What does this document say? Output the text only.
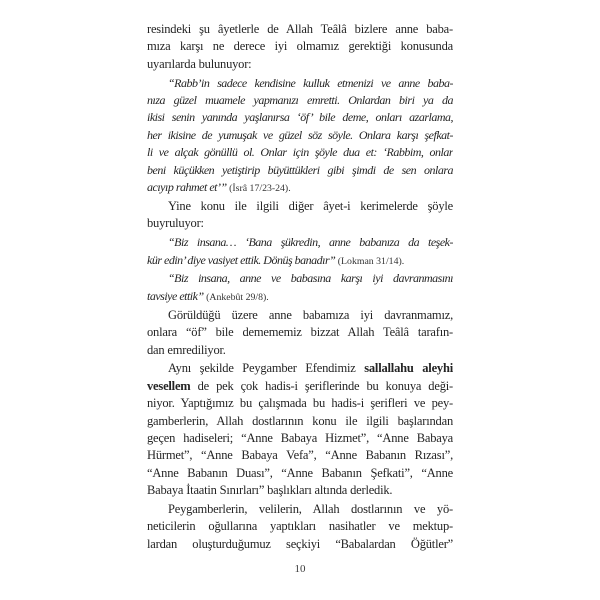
resindeki şu âyetlerle de Allah Teâlâ bizlere anne baba-
mıza karşı ne derece iyi olmamız gerektiği konusunda
uyarılarda bulunuyor:
“Rabb’in sadece kendisine kulluk etmenizi ve anne baba-
nıza güzel muamele yapmanızı emretti. Onlardan biri ya da
ikisi senin yanında yaşlanırsa ‘öf’ bile deme, onları azarlama,
her ikisine de yumuşak ve güzel söz söyle. Onlara karşı şefkat-
li ve alçak gönüllü ol. Onlar için şöyle dua et: ‘Rabbim, onlar
beni küçükken yetiştirip büyüttükleri gibi şimdi de sen onlara
acıyıp rahmet et’” (İsrâ 17/23-24).
Yine konu ile ilgili diğer âyet-i kerimelerde şöyle
buyruluyor:
“Biz insana… ‘Bana şükredin, anne babanıza da teşek-
kür edin’ diye vasiyet ettik. Dönüş banadır” (Lokman 31/14).
“Biz insana, anne ve babasına karşı iyi davranmasını
tavsiye ettik” (Ankebût 29/8).
Görüldüğü üzere anne babamıza iyi davranmamız,
onlara “öf” bile demememiz bizzat Allah Teâlâ tarafın-
dan emrediliyor.
Aynı şekilde Peygamber Efendimiz sallallahu aleyhi
vesellem de pek çok hadis-i şeriflerinde bu konuya deği-
niyor. Yaptığımız bu çalışmada bu hadis-i şerifleri ve pey-
gamberlerin, Allah dostlarının konu ile ilgili başlarından
geçen hadiseleri; “Anne Babaya Hizmet”, “Anne Babaya
Hürmet”, “Anne Babaya Vefa”, “Anne Babanın Rızası”,
“Anne Babanın Duası”, “Anne Babanın Şefkati”, “Anne
Babaya İtaatin Sınırları” başlıkları altında derledik.
Peygamberlerin, velilerin, Allah dostlarının ve yö-
neticilerin oğullarına yaptıkları nasihatler ve mektup-
lardan oluşturduğumuz seçkiyi “Babalardan Öğütler”
10
